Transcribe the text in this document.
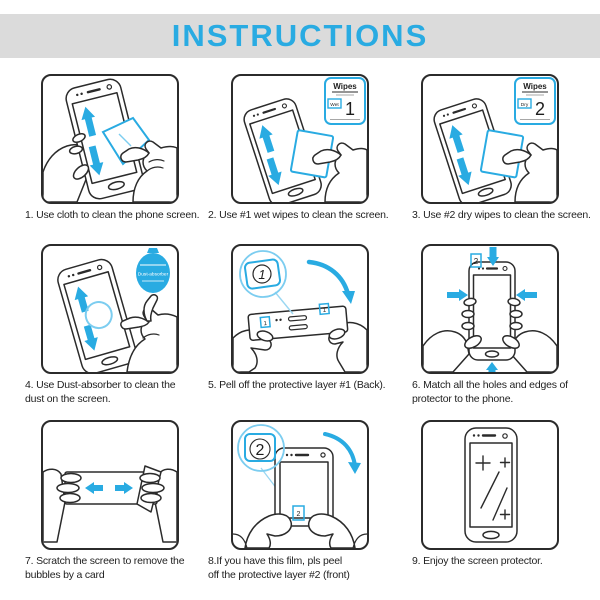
INSTRUCTIONS
1. Use cloth to clean the phone screen.
Wipes
Wet 1
2. Use #1 wet wipes to clean the screen.
Wipes
Dry 2
3. Use #2 dry wipes to clean the screen.
Dust-absorber
4. Use Dust-absorber to clean the
dust on the screen.
1
1
1
5. Pell off the protective layer #1 (Back).
2
6. Match all the holes and edges of
protector to the phone.
7. Scratch the screen to remove the
bubbles by a card
2
2
8.If you have this film, pls peel
off the protective layer #2 (front)
9. Enjoy the screen protector.
